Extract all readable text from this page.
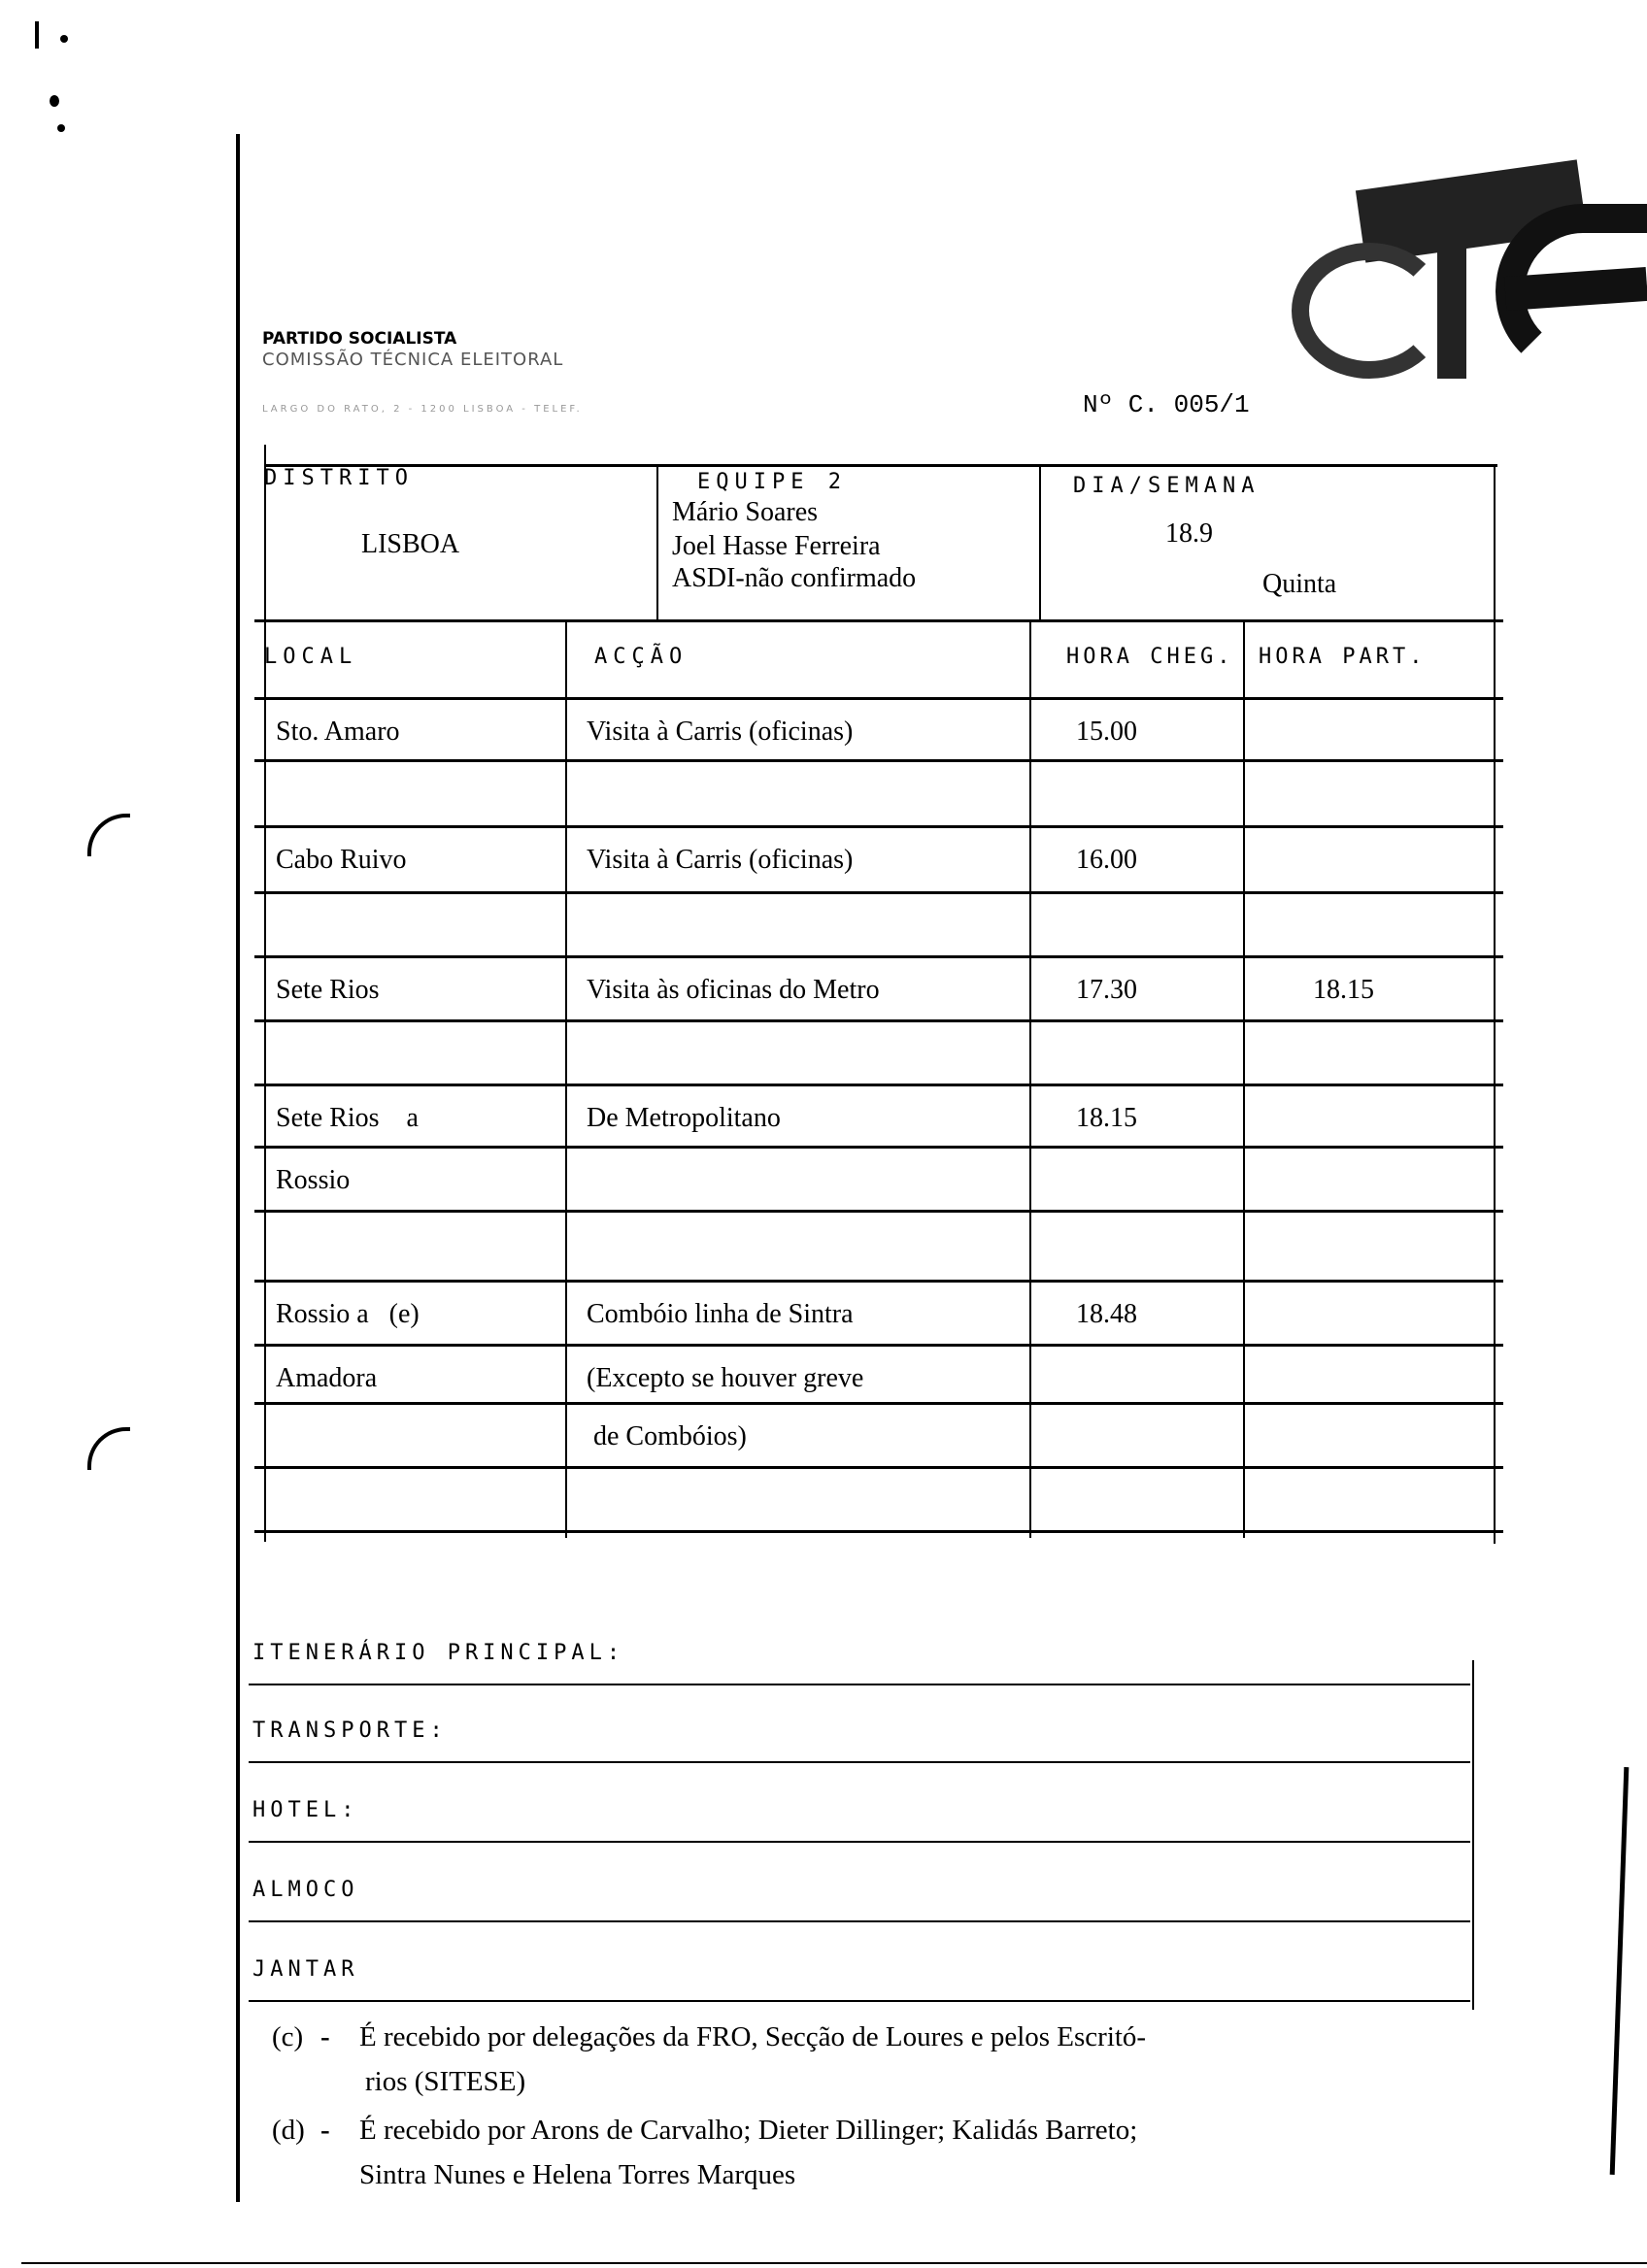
PARTIDO SOCIALISTA
COMISSÃO TÉCNICA ELEITORAL
LARGO DO RATO, 2 - 1200 LISBOA - TELEF.	Nº C. 005/1
DISTRITO
LISBOA
EQUIPE 2
Mário Soares
Joel Hasse Ferreira
ASDI-não confirmado
DIA/SEMANA
18.9
Quinta
LOCAL	ACÇÃO	HORA CHEG. HORA PART.
Sto. Amaro	Visita à Carris (oficinas)	15.00
Cabo Ruivo	Visita à Carris (oficinas)	16.00
Sete Rios	Visita às oficinas do Metro	17.30	18.15
Sete Rios    a	De Metropolitano	18.15
Rossio
Rossio a   (e)	Combóio linha de Sintra	18.48
Amadora	(Excepto se houver greve
de Combóios)
ITENERÁRIO PRINCIPAL:
TRANSPORTE:
HOTEL:
ALMOCO
JANTAR
(c) - É recebido por delegações da FRO, Secção de Loures e pelos Escritó-
rios (SITESE)
(d) - É recebido por Arons de Carvalho; Dieter Dillinger; Kalidás Barreto;
Sintra Nunes e Helena Torres Marques
